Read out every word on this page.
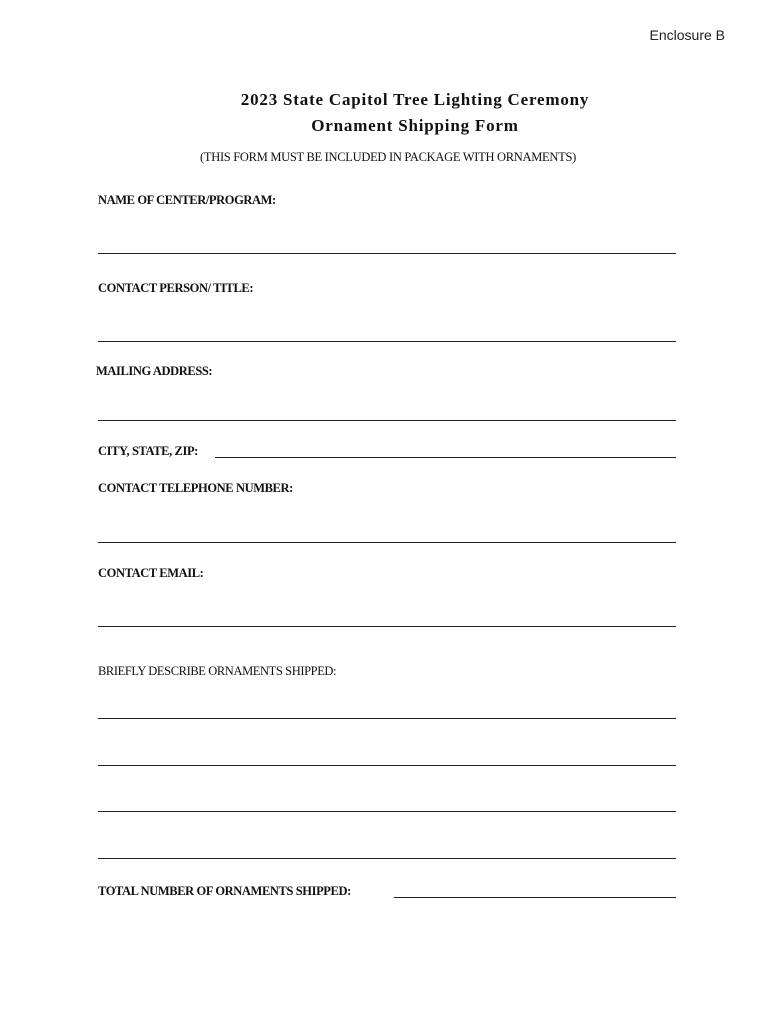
Enclosure B
2023 State Capitol Tree Lighting Ceremony
Ornament Shipping Form
(THIS FORM MUST BE INCLUDED IN PACKAGE WITH ORNAMENTS)
NAME OF CENTER/PROGRAM:
CONTACT PERSON/ TITLE:
MAILING ADDRESS:
CITY, STATE, ZIP:
CONTACT TELEPHONE NUMBER:
CONTACT EMAIL:
BRIEFLY DESCRIBE ORNAMENTS SHIPPED:
TOTAL NUMBER OF ORNAMENTS SHIPPED:
